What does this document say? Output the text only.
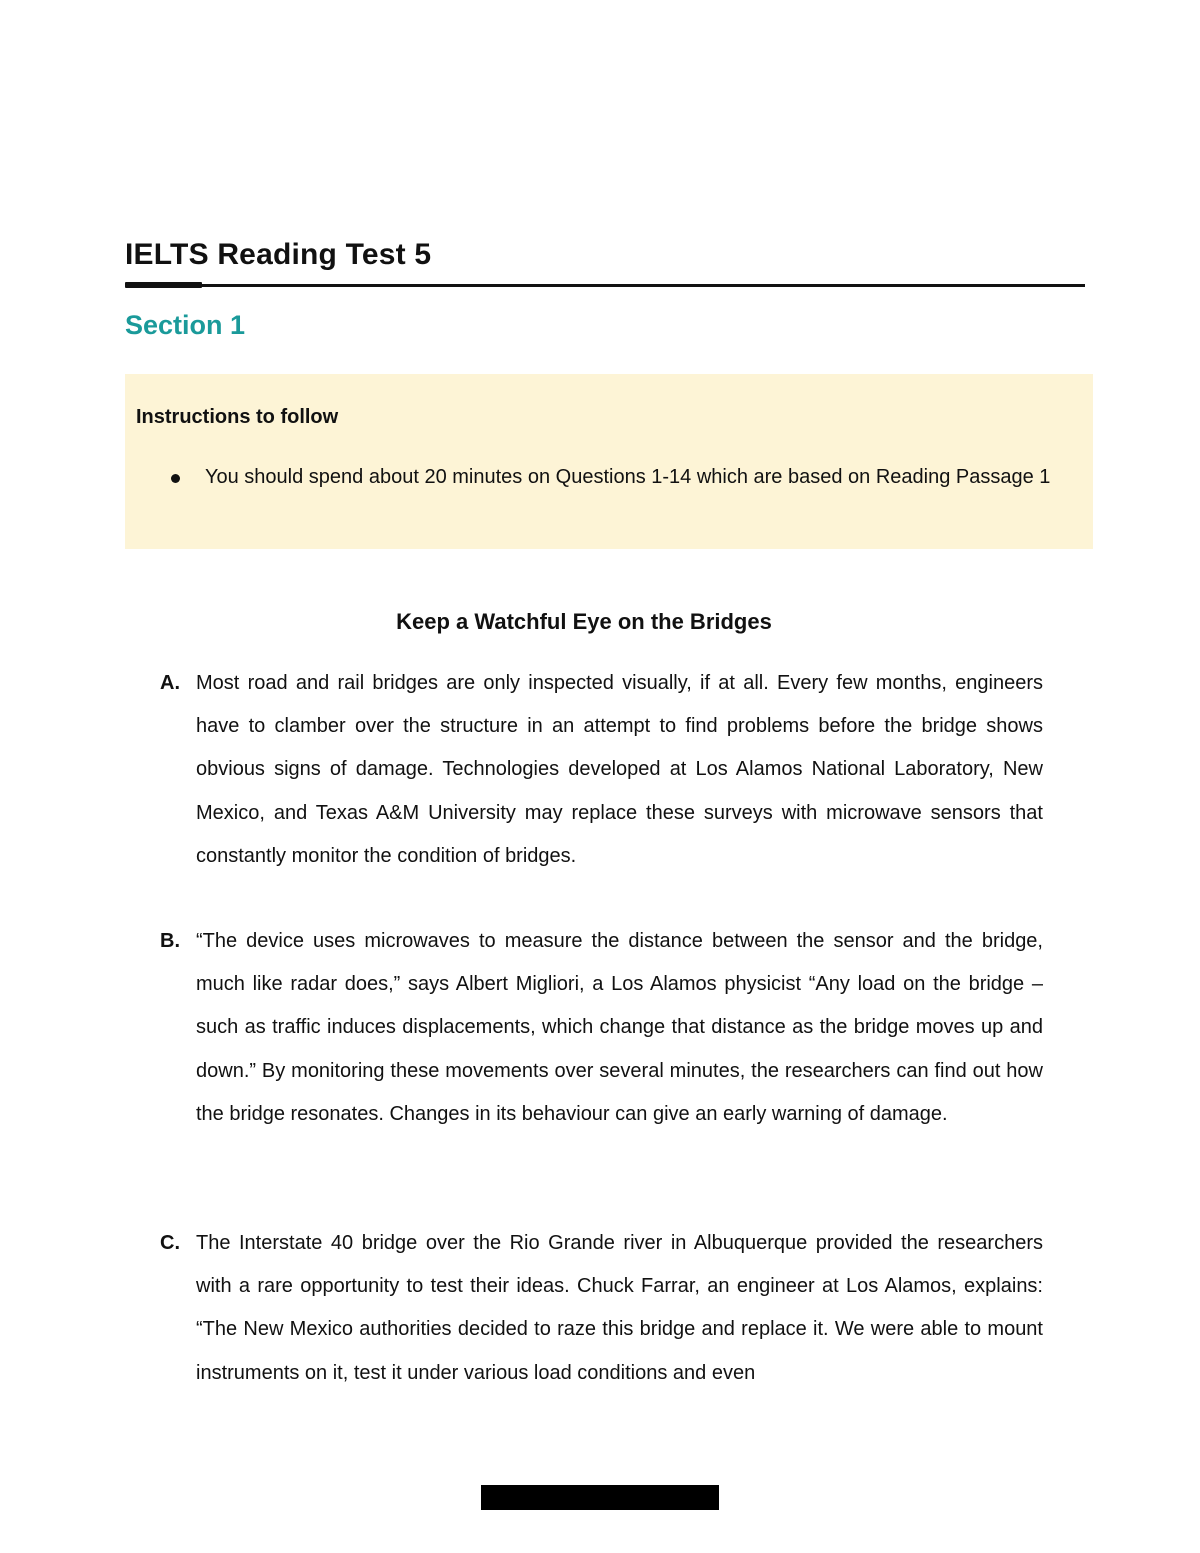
IELTS Reading Test 5
Section 1
Instructions to follow
You should spend about 20 minutes on Questions 1-14 which are based on Reading Passage 1
Keep a Watchful Eye on the Bridges
A. Most road and rail bridges are only inspected visually, if at all. Every few months, engineers have to clamber over the structure in an attempt to find problems before the bridge shows obvious signs of damage. Technologies developed at Los Alamos National Laboratory, New Mexico, and Texas A&M University may replace these surveys with microwave sensors that constantly monitor the condition of bridges.
B. “The device uses microwaves to measure the distance between the sensor and the bridge, much like radar does,” says Albert Migliori, a Los Alamos physicist “Any load on the bridge – such as traffic induces displacements, which change that distance as the bridge moves up and down.” By monitoring these movements over several minutes, the researchers can find out how the bridge resonates. Changes in its behaviour can give an early warning of damage.
C. The Interstate 40 bridge over the Rio Grande river in Albuquerque provided the researchers with a rare opportunity to test their ideas. Chuck Farrar, an engineer at Los Alamos, explains: “The New Mexico authorities decided to raze this bridge and replace it. We were able to mount instruments on it, test it under various load conditions and even
